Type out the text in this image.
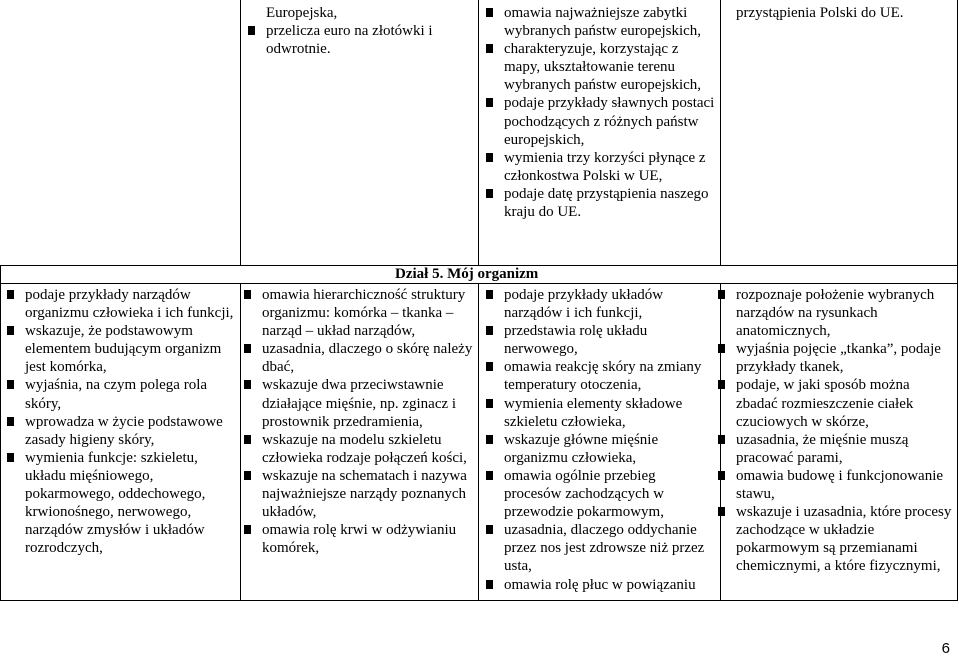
Europejska,
przelicza euro na złotówki i odwrotnie.
omawia najważniejsze zabytki wybranych państw europejskich,
charakteryzuje, korzystając z mapy, ukształtowanie terenu wybranych państw europejskich,
podaje przykłady sławnych postaci pochodzących z różnych państw europejskich,
wymienia trzy korzyści płynące z członkostwa Polski w UE,
podaje datę przystąpienia naszego kraju do UE.
przystąpienia Polski do UE.
Dział 5. Mój organizm
podaje przykłady narządów organizmu człowieka i ich funkcji,
wskazuje, że podstawowym elementem budującym organizm jest komórka,
wyjaśnia, na czym polega rola skóry,
wprowadza w życie podstawowe zasady higieny skóry,
wymienia funkcje: szkieletu, układu mięśniowego, pokarmowego, oddechowego, krwionośnego, nerwowego, narządów zmysłów i układów rozrodczych,
omawia hierarchiczność struktury organizmu: komórka – tkanka – narząd – układ narządów,
uzasadnia, dlaczego o skórę należy dbać,
wskazuje dwa przeciwstawnie działające mięśnie, np. zginacz i prostownik przedramienia,
wskazuje na modelu szkieletu człowieka rodzaje połączeń kości,
wskazuje na schematach i nazywa najważniejsze narządy poznanych układów,
omawia rolę krwi w odżywianiu komórek,
podaje przykłady układów narządów i ich funkcji,
przedstawia rolę układu nerwowego,
omawia reakcję skóry na zmiany temperatury otoczenia,
wymienia elementy składowe szkieletu człowieka,
wskazuje główne mięśnie organizmu człowieka,
omawia ogólnie przebieg procesów zachodzących w przewodzie pokarmowym,
uzasadnia, dlaczego oddychanie przez nos jest zdrowsze niż przez usta,
omawia rolę płuc w powiązaniu
rozpoznaje położenie wybranych narządów na rysunkach anatomicznych,
wyjaśnia pojęcie „tkanka”, podaje przykłady tkanek,
podaje, w jaki sposób można zbadać rozmieszczenie ciałek czuciowych w skórze,
uzasadnia, że mięśnie muszą pracować parami,
omawia budowę i funkcjonowanie stawu,
wskazuje i uzasadnia, które procesy zachodzące w układzie pokarmowym są przemianami chemicznymi, a które fizycznymi,
6
